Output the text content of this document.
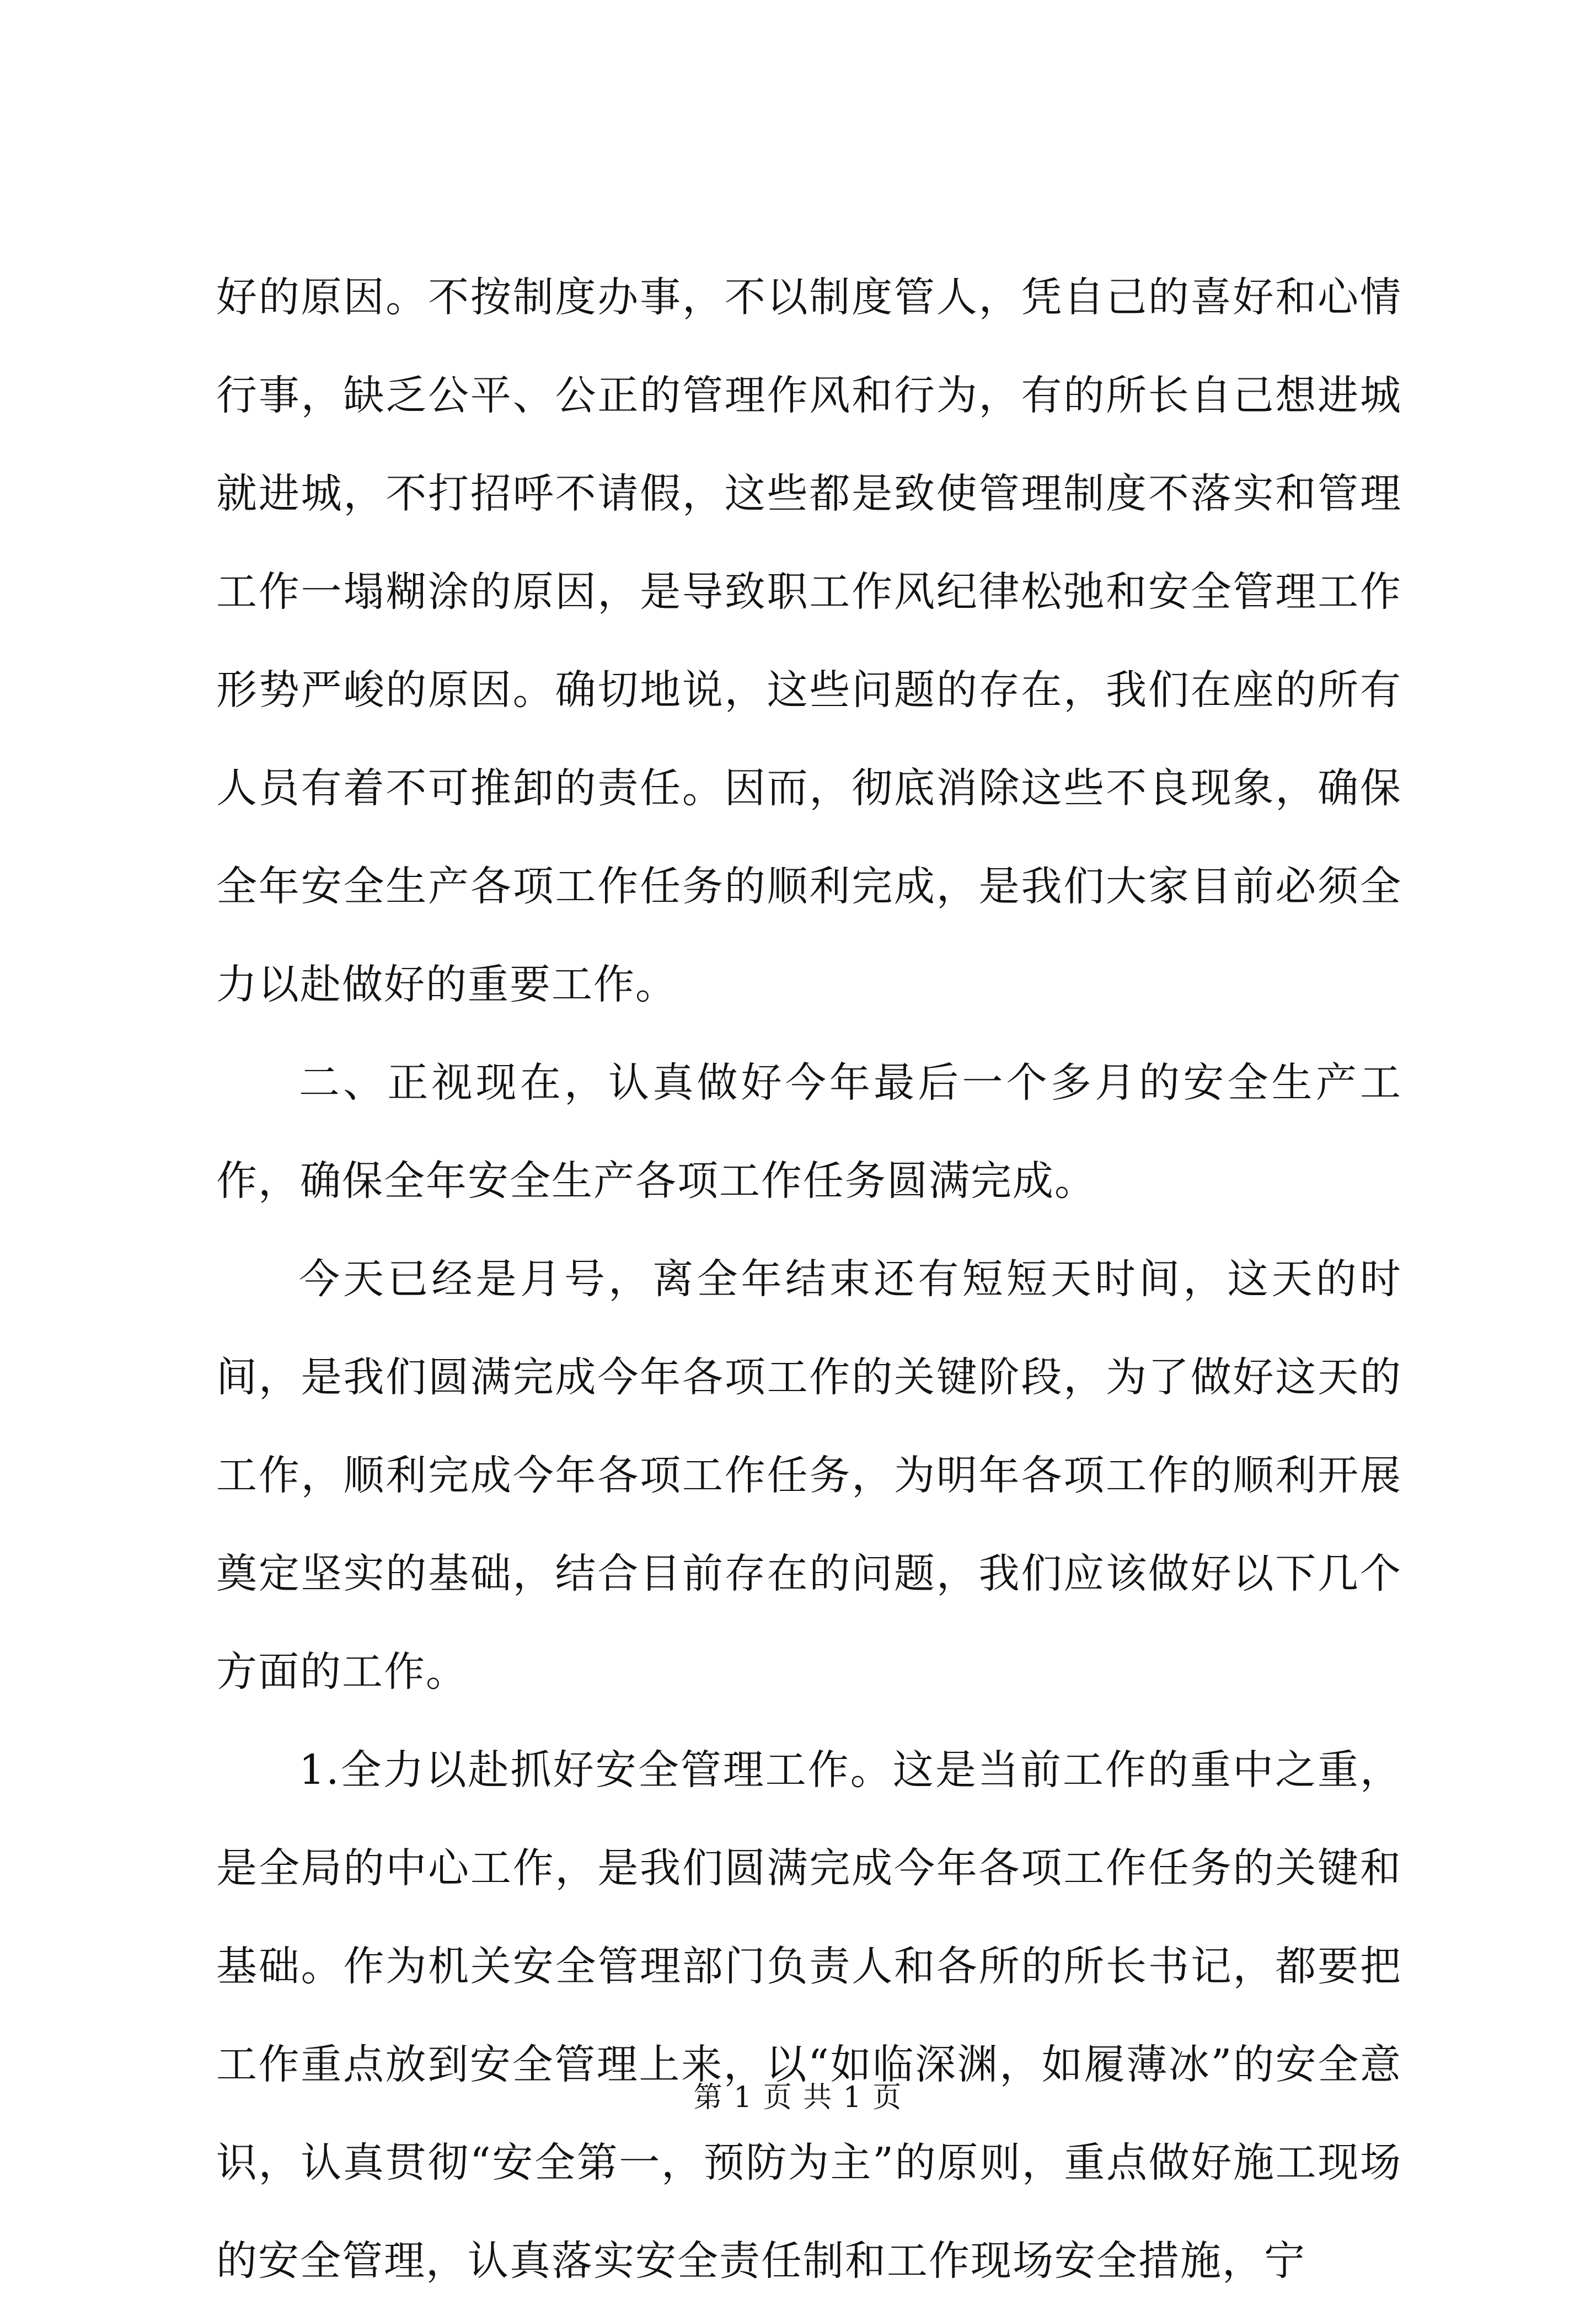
好的原因。不按制度办事，不以制度管人，凭自己的喜好和心情行事，缺乏公平、公正的管理作风和行为，有的所长自己想进城就进城，不打招呼不请假，这些都是致使管理制度不落实和管理工作一塌糊涂的原因，是导致职工作风纪律松弛和安全管理工作形势严峻的原因。确切地说，这些问题的存在，我们在座的所有人员有着不可推卸的责任。因而，彻底消除这些不良现象，确保全年安全生产各项工作任务的顺利完成，是我们大家目前必须全力以赴做好的重要工作。

二、正视现在，认真做好今年最后一个多月的安全生产工作，确保全年安全生产各项工作任务圆满完成。

今天已经是月号，离全年结束还有短短天时间，这天的时间，是我们圆满完成今年各项工作的关键阶段，为了做好这天的工作，顺利完成今年各项工作任务，为明年各项工作的顺利开展奠定坚实的基础，结合目前存在的问题，我们应该做好以下几个方面的工作。

1.全力以赴抓好安全管理工作。这是当前工作的重中之重，是全局的中心工作，是我们圆满完成今年各项工作任务的关键和基础。作为机关安全管理部门负责人和各所的所长书记，都要把工作重点放到安全管理上来，以“如临深渊，如履薄冰”的安全意识，认真贯彻“安全第一，预防为主”的原则，重点做好施工现场的安全管理，认真落实安全责任制和工作现场安全措施，宁

第 1 页 共 1 页
